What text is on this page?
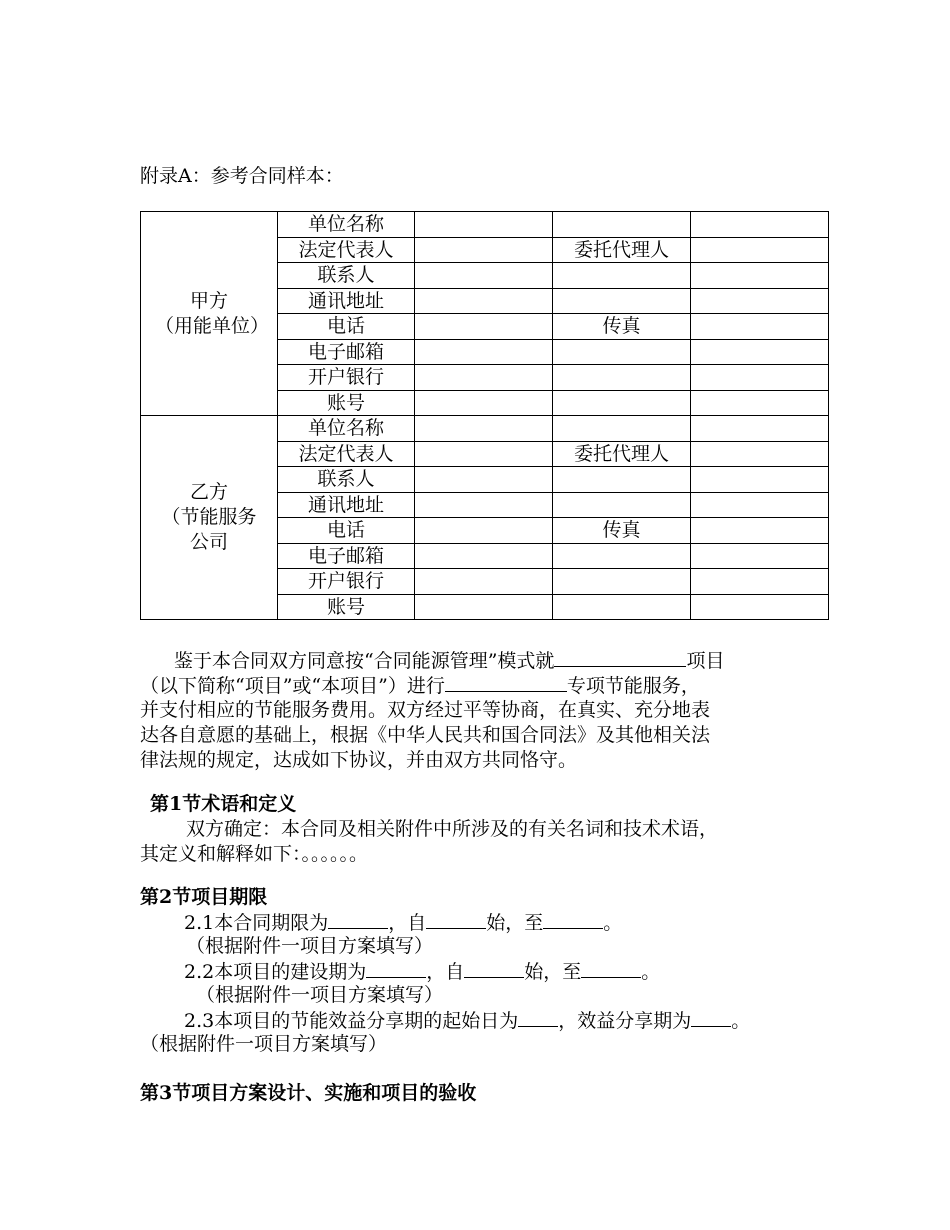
附录A：参考合同样本：
甲方
（用能单位）	单位名称			
	法定代表人		委托代理人	
	联系人			
	通讯地址			
	电话		传真	
	电子邮箱			
	开户银行			
	账号			

乙方
（节能服务公司	单位名称			
	法定代表人		委托代理人	
	联系人			
	通讯地址			
	电话		传真	
	电子邮箱			
	开户银行			
	账号			
鉴于本合同双方同意按“合同能源管理”模式就	项目
（以下简称“项目”或“本项目”）进行	专项节能服务，
并支付相应的节能服务费用。双方经过平等协商，在真实、充分地表
达各自意愿的基础上，根据《中华人民共和国合同法》及其他相关法
律法规的规定，达成如下协议，并由双方共同恪守。
第1节术语和定义
双方确定：本合同及相关附件中所涉及的有关名词和技术术语，
其定义和解释如下：。。。。。。
第2节项目期限
2.1本合同期限为	，自	始，至	。
（根据附件一项目方案填写）
2.2本项目的建设期为	，自	始，至	。
（根据附件一项目方案填写）
2.3本项目的节能效益分享期的起始日为 ，效益分享期为 。
（根据附件一项目方案填写）
第3节项目方案设计、实施和项目的验收
